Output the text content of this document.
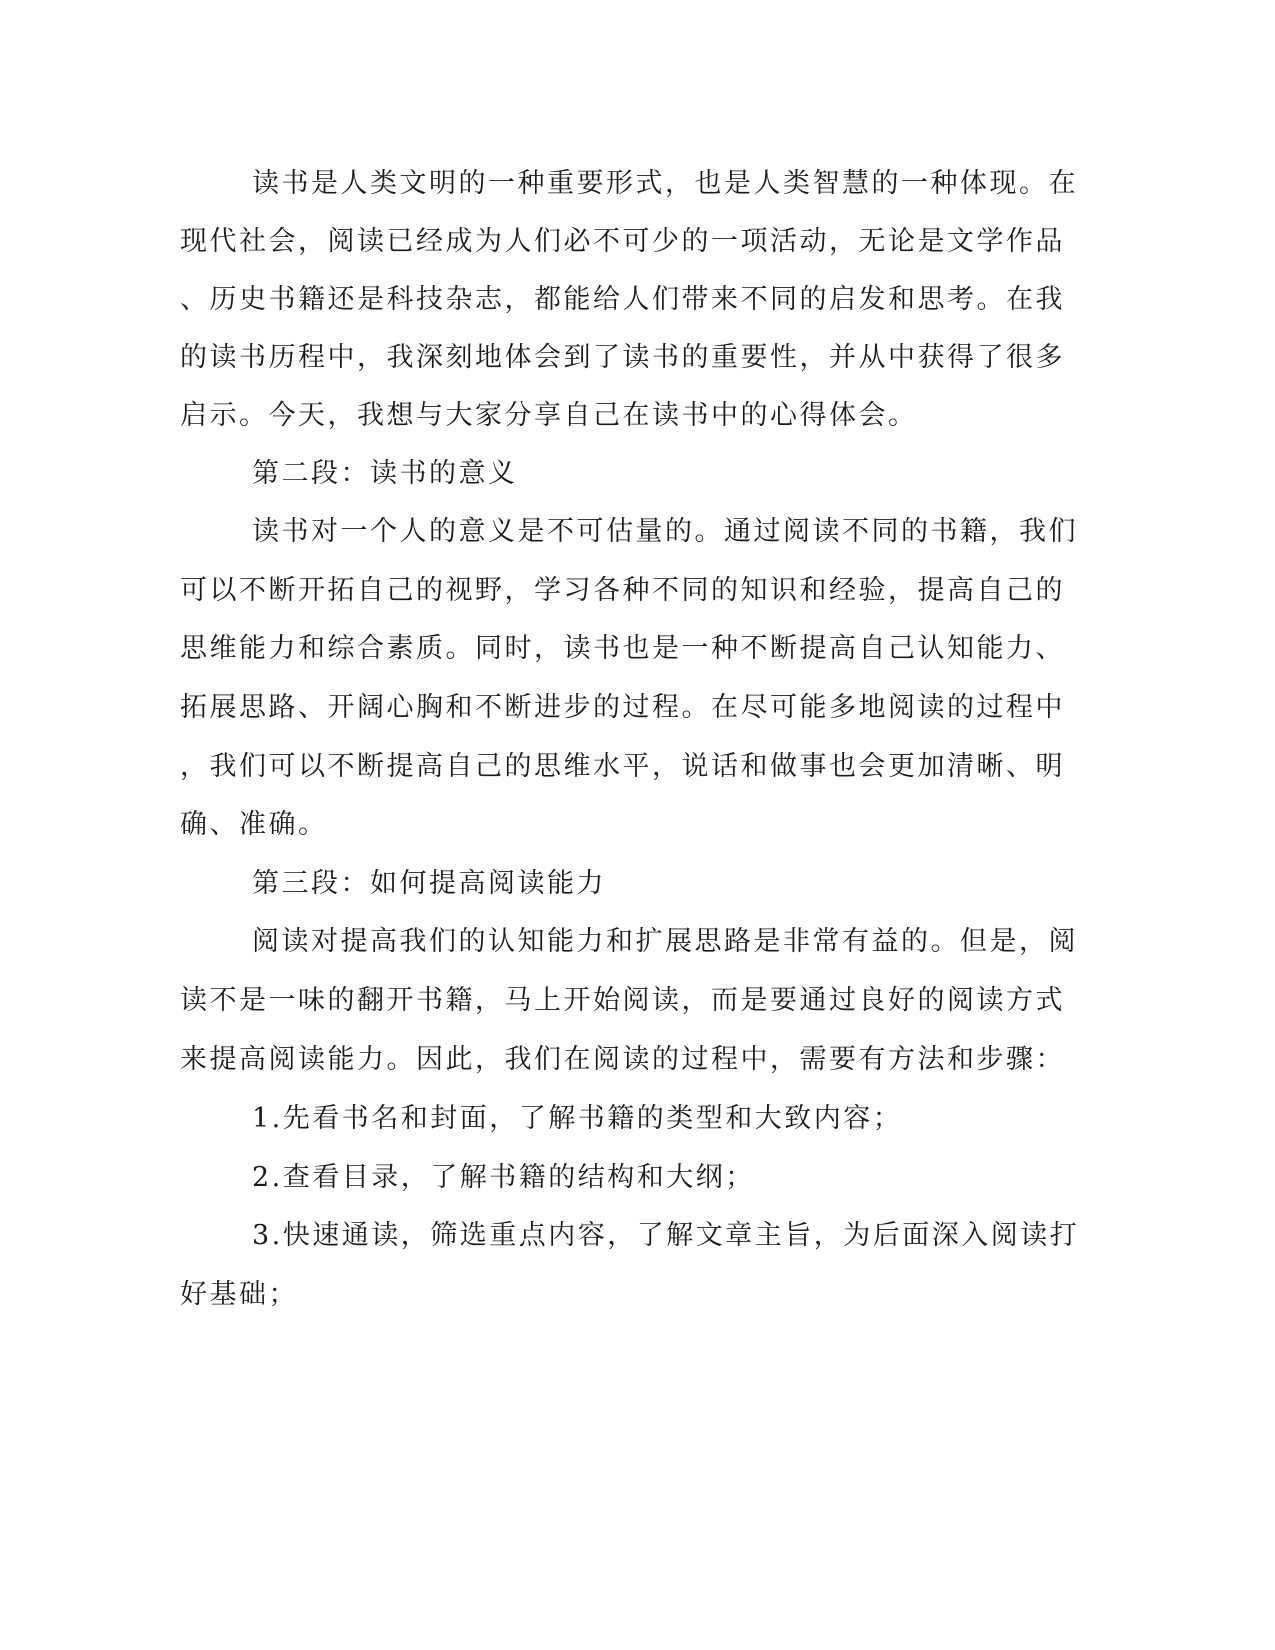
读书是人类文明的一种重要形式，也是人类智慧的一种体现。在
现代社会，阅读已经成为人们必不可少的一项活动，无论是文学作品
、历史书籍还是科技杂志，都能给人们带来不同的启发和思考。在我
的读书历程中，我深刻地体会到了读书的重要性，并从中获得了很多
启示。今天，我想与大家分享自己在读书中的心得体会。
第二段：读书的意义
读书对一个人的意义是不可估量的。通过阅读不同的书籍，我们
可以不断开拓自己的视野，学习各种不同的知识和经验，提高自己的
思维能力和综合素质。同时，读书也是一种不断提高自己认知能力、
拓展思路、开阔心胸和不断进步的过程。在尽可能多地阅读的过程中
，我们可以不断提高自己的思维水平，说话和做事也会更加清晰、明
确、准确。
第三段：如何提高阅读能力
阅读对提高我们的认知能力和扩展思路是非常有益的。但是，阅
读不是一味的翻开书籍，马上开始阅读，而是要通过良好的阅读方式
来提高阅读能力。因此，我们在阅读的过程中，需要有方法和步骤：
1.先看书名和封面，了解书籍的类型和大致内容；
2.查看目录，了解书籍的结构和大纲；
3.快速通读，筛选重点内容，了解文章主旨，为后面深入阅读打
好基础；
